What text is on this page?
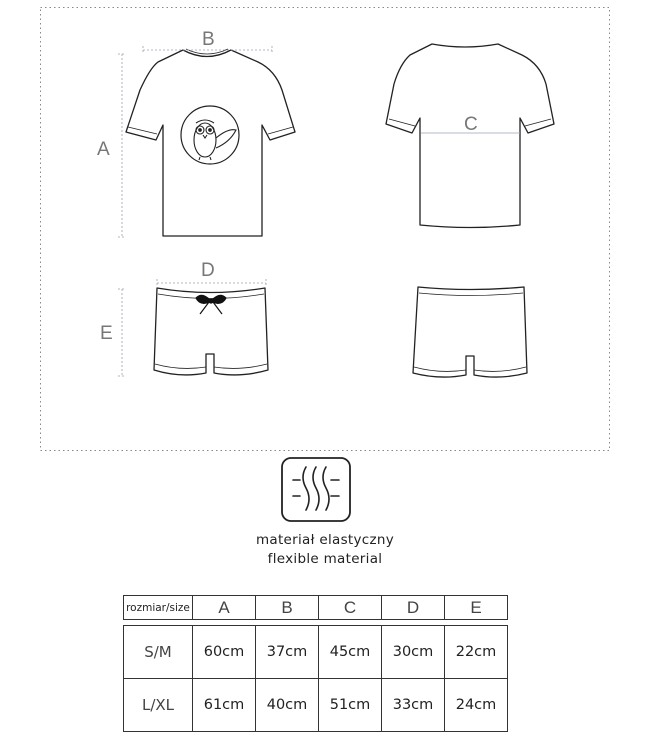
B
A
C
D
E
materiał elastyczny
flexible material
rozmiar/size	A	B	C	D	E

S/M	60cm	37cm	45cm	30cm	22cm
L/XL	61cm	40cm	51cm	33cm	24cm
